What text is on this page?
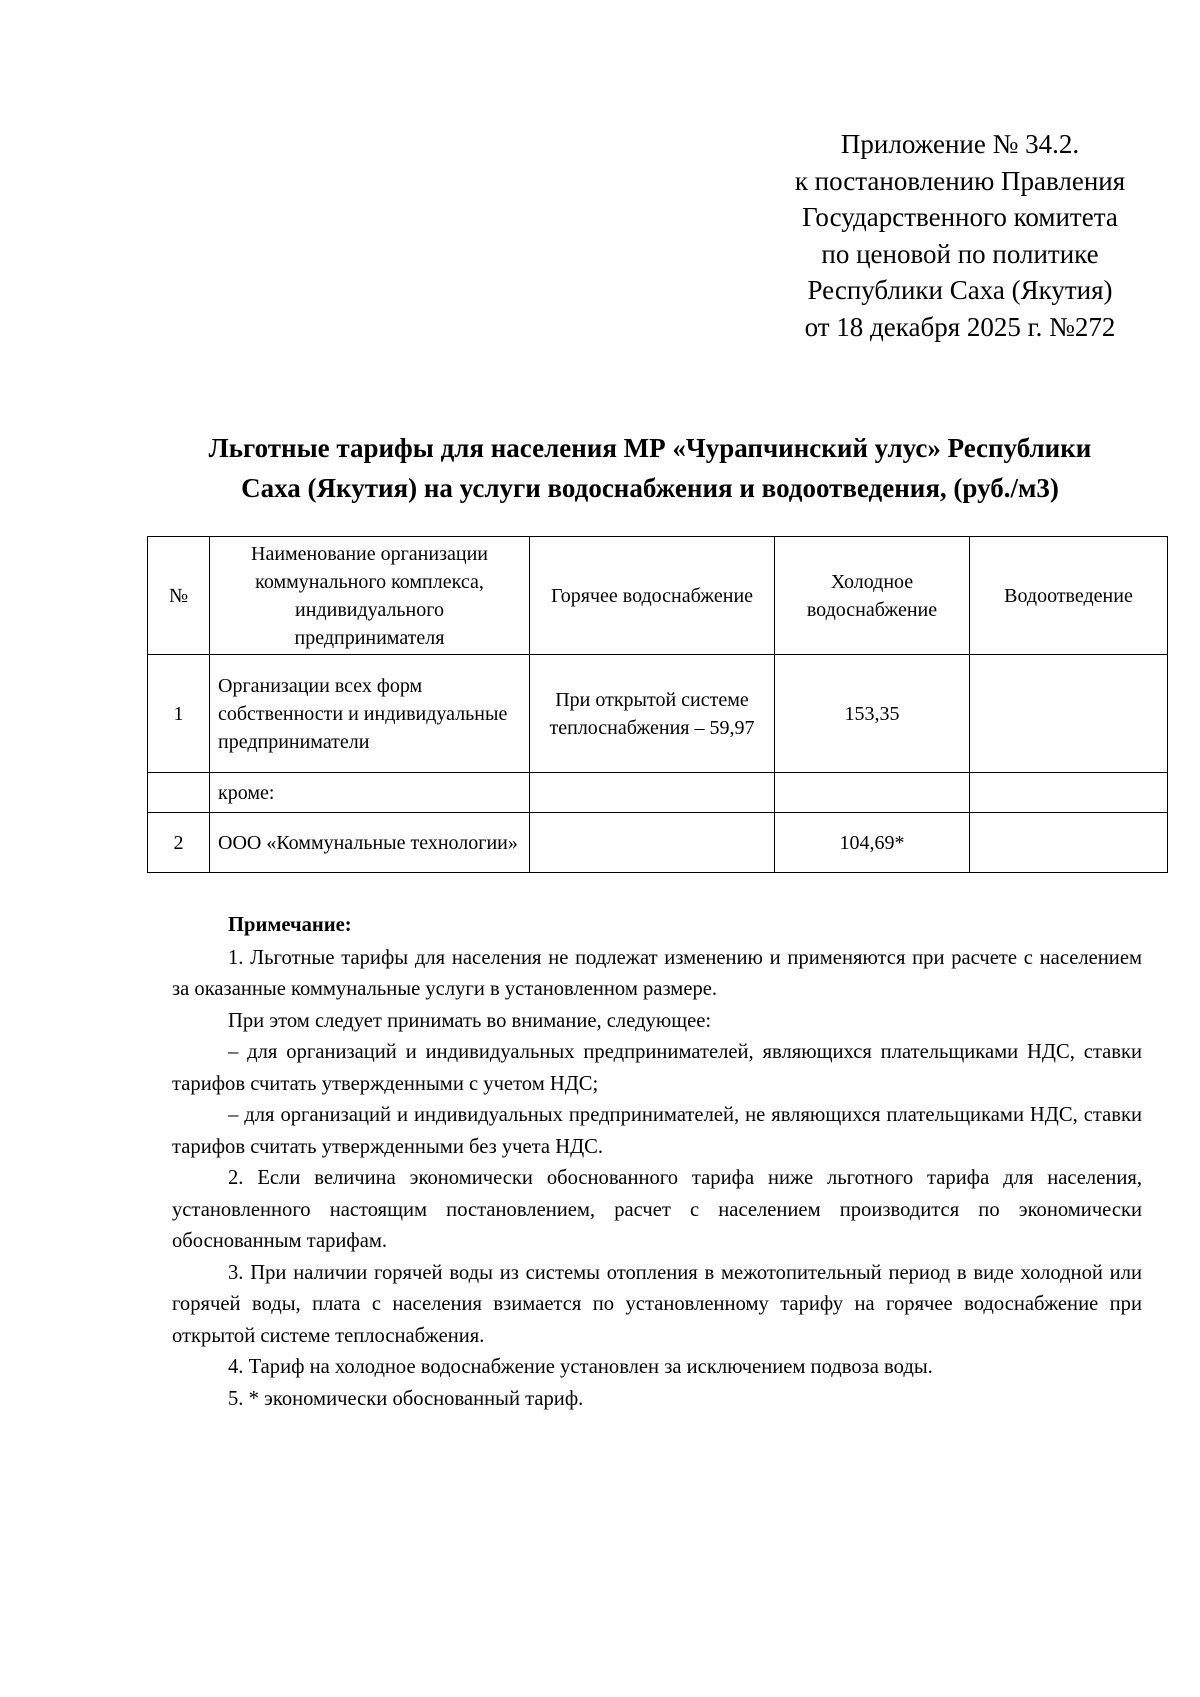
Приложение № 34.2.
к постановлению Правления
Государственного комитета
по ценовой по политике
Республики Саха (Якутия)
от 18 декабря 2025 г. №272
Льготные тарифы для населения МР «Чурапчинский улус» Республики
Саха (Якутия) на услуги водоснабжения и водоотведения, (руб./м3)
№	Наименование организации коммунального комплекса, индивидуального предпринимателя	Горячее водоснабжение	Холодное водоснабжение	Водоотведение
1	Организации всех форм собственности и индивидуальные предприниматели	При открытой системе теплоснабжения – 59,97	153,35	
	кроме:			
2	ООО «Коммунальные технологии»		104,69*	

Примечание:

1. Льготные тарифы для населения не подлежат изменению и применяются при расчете с населением за оказанные коммунальные услуги в установленном размере.

При этом следует принимать во внимание, следующее:

– для организаций и индивидуальных предпринимателей, являющихся плательщиками НДС, ставки тарифов считать утвержденными с учетом НДС;

– для организаций и индивидуальных предпринимателей, не являющихся плательщиками НДС, ставки тарифов считать утвержденными без учета НДС.

2. Если величина экономически обоснованного тарифа ниже льготного тарифа для населения, установленного настоящим постановлением, расчет с населением производится по экономически обоснованным тарифам.

3. При наличии горячей воды из системы отопления в межотопительный период в виде холодной или горячей воды, плата с населения взимается по установленному тарифу на горячее водоснабжение при открытой системе теплоснабжения.

4. Тариф на холодное водоснабжение установлен за исключением подвоза воды.

5. * экономически обоснованный тариф.
